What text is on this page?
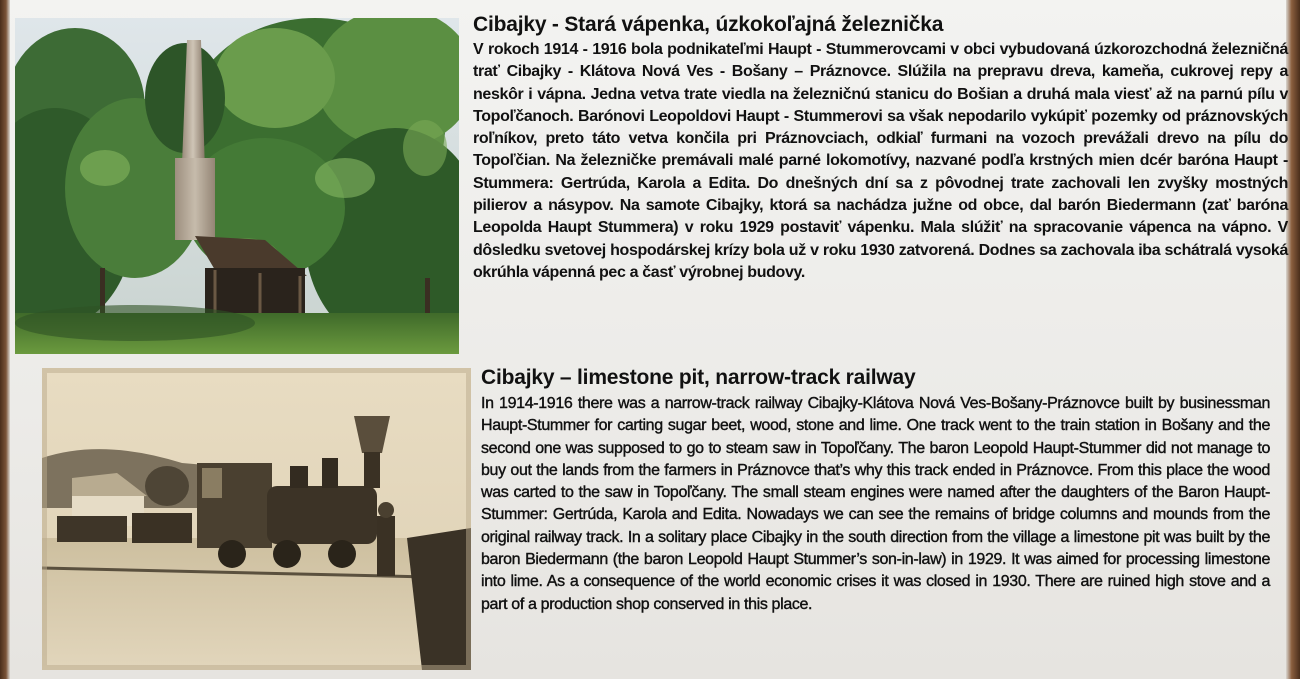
Cibajky - Stará vápenka, úzkokoľajná železnička

V rokoch 1914 - 1916 bola podnikateľmi Haupt - Stummerovcami v obci vybudovaná úzkorozchodná železničná trať Cibajky - Klátova Nová Ves - Bošany – Práznovce. Slúžila na prepravu dreva, kameňa, cukrovej repy a neskôr i vápna. Jedna vetva trate viedla na železničnú stanicu do Bošian a druhá mala viesť až na parnú pílu v Topoľčanoch. Barónovi Leopoldovi Haupt - Stummerovi sa však nepodarilo vykúpiť pozemky od práznovských roľníkov, preto táto vetva končila pri Práznovciach, odkiaľ furmani na vozoch prevážali drevo na pílu do Topoľčian. Na železničke premávali malé parné lokomotívy, nazvané podľa krstných mien dcér baróna Haupt - Stummera: Gertrúda, Karola a Edita. Do dnešných dní sa z pôvodnej trate zachovali len zvyšky mostných pilierov a násypov. Na samote Cibajky, ktorá sa nachádza južne od obce, dal barón Biedermann (zať baróna Leopolda Haupt Stummera) v roku 1929 postaviť vápenku. Mala slúžiť na spracovanie vápenca na vápno. V dôsledku svetovej hospodárskej krízy bola už v roku 1930 zatvorená. Dodnes sa zachovala iba schátralá vysoká okrúhla vápenná pec a časť výrobnej budovy.

Cibajky – limestone pit, narrow-track railway

In 1914-1916 there was a narrow-track railway Cibajky-Klátova Nová Ves-Bošany-Práznovce built by businessman Haupt-Stummer for carting sugar beet, wood, stone and lime. One track went to the train station in Bošany and the second one was supposed to go to steam saw in Topoľčany. The baron Leopold Haupt-Stummer did not manage to buy out the lands from the farmers in Práznovce that’s why this track ended in Práznovce. From this place the wood was carted to the saw in Topoľčany. The small steam engines were named after the daughters of the Baron Haupt-Stummer: Gertrúda, Karola and Edita. Nowadays we can see the remains of bridge columns and mounds from the original railway track. In a solitary place Cibajky in the south direction from the village a limestone pit was built by the baron Biedermann (the baron Leopold Haupt Stummer’s son-in-law) in 1929. It was aimed for processing limestone into lime. As a consequence of the world economic crises it was closed in 1930. There are ruined high stove and a part of a production shop conserved in this place.
